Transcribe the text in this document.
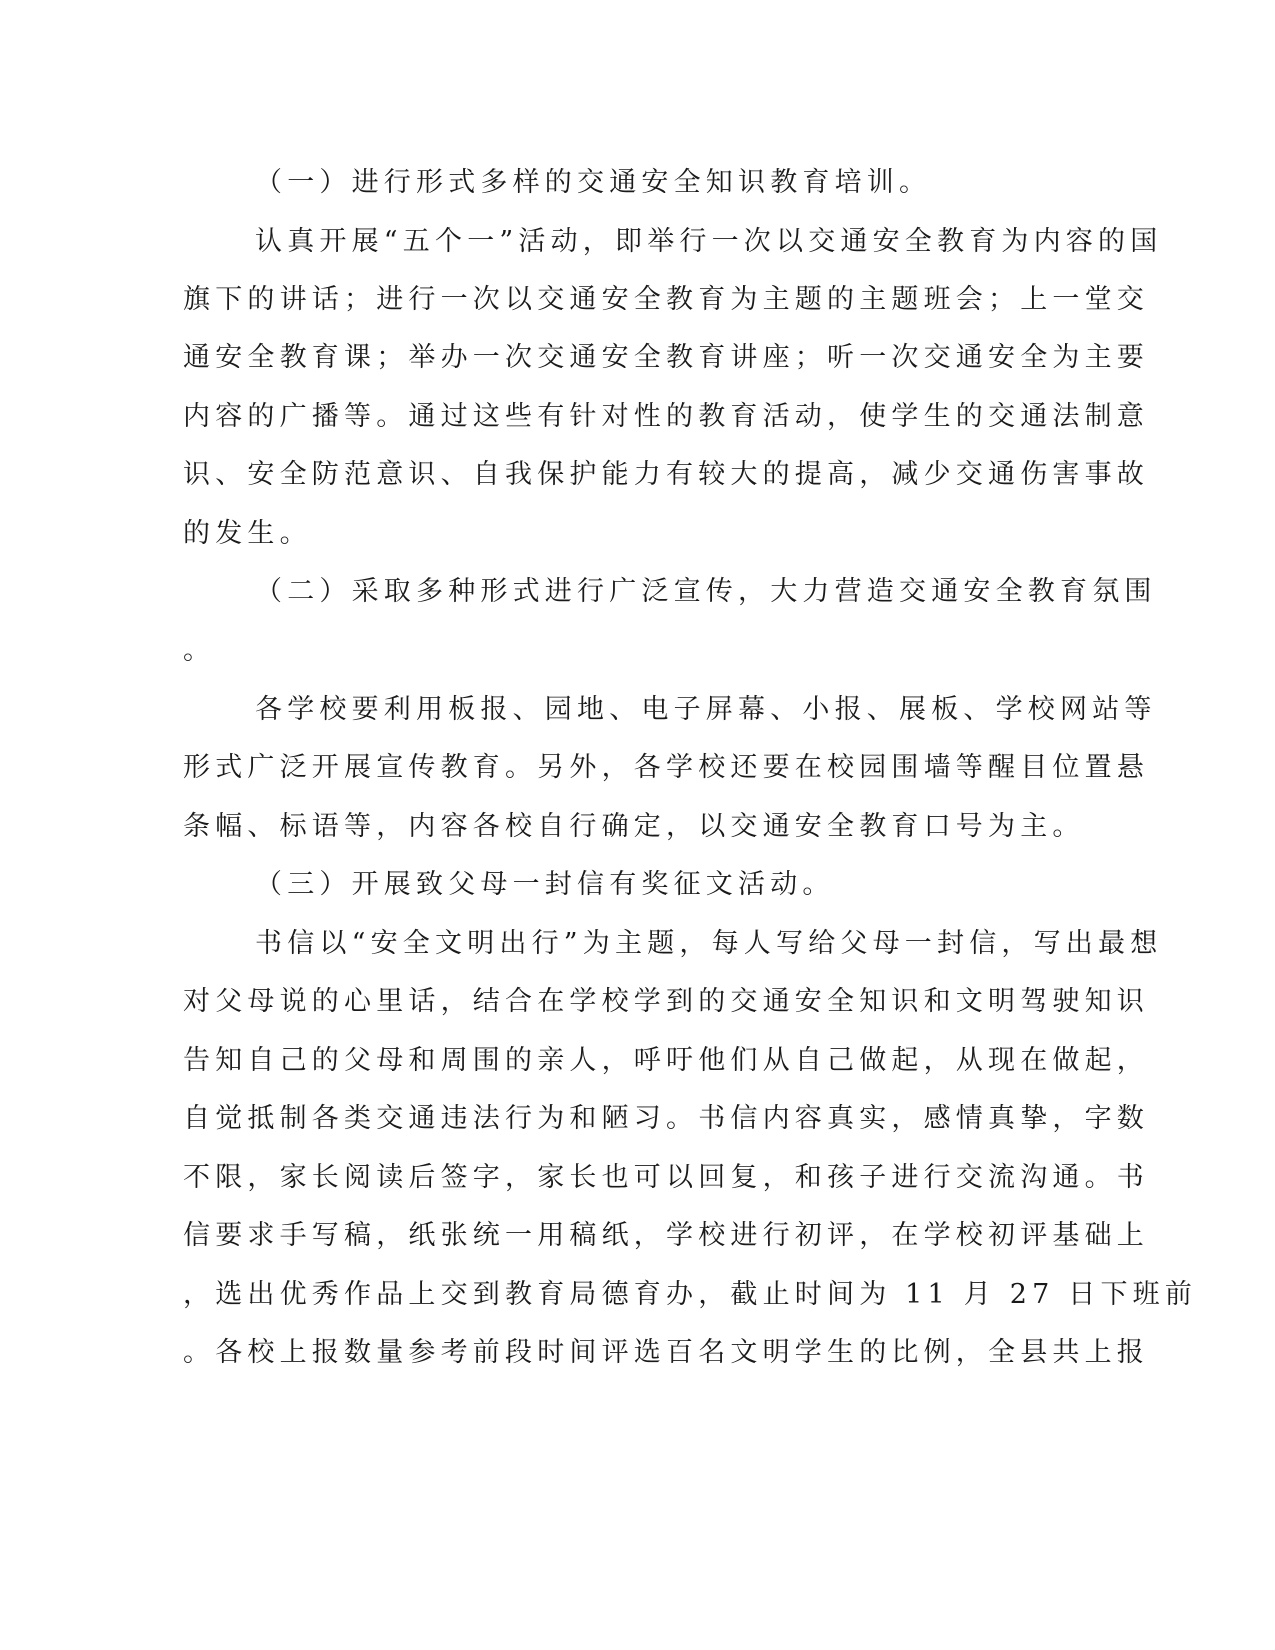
（一）进行形式多样的交通安全知识教育培训。

认真开展“五个一”活动，即举行一次以交通安全教育为内容的国

旗下的讲话；进行一次以交通安全教育为主题的主题班会；上一堂交

通安全教育课；举办一次交通安全教育讲座；听一次交通安全为主要

内容的广播等。通过这些有针对性的教育活动，使学生的交通法制意

识、安全防范意识、自我保护能力有较大的提高，减少交通伤害事故

的发生。

（二）采取多种形式进行广泛宣传，大力营造交通安全教育氛围

。

各学校要利用板报、园地、电子屏幕、小报、展板、学校网站等

形式广泛开展宣传教育。另外，各学校还要在校园围墙等醒目位置悬

条幅、标语等，内容各校自行确定，以交通安全教育口号为主。

（三）开展致父母一封信有奖征文活动。

书信以“安全文明出行”为主题，每人写给父母一封信，写出最想

对父母说的心里话，结合在学校学到的交通安全知识和文明驾驶知识

告知自己的父母和周围的亲人，呼吁他们从自己做起，从现在做起，

自觉抵制各类交通违法行为和陋习。书信内容真实，感情真挚，字数

不限，家长阅读后签字，家长也可以回复，和孩子进行交流沟通。书

信要求手写稿，纸张统一用稿纸，学校进行初评，在学校初评基础上

，选出优秀作品上交到教育局德育办，截止时间为 11 月 27 日下班前

。各校上报数量参考前段时间评选百名文明学生的比例，全县共上报
